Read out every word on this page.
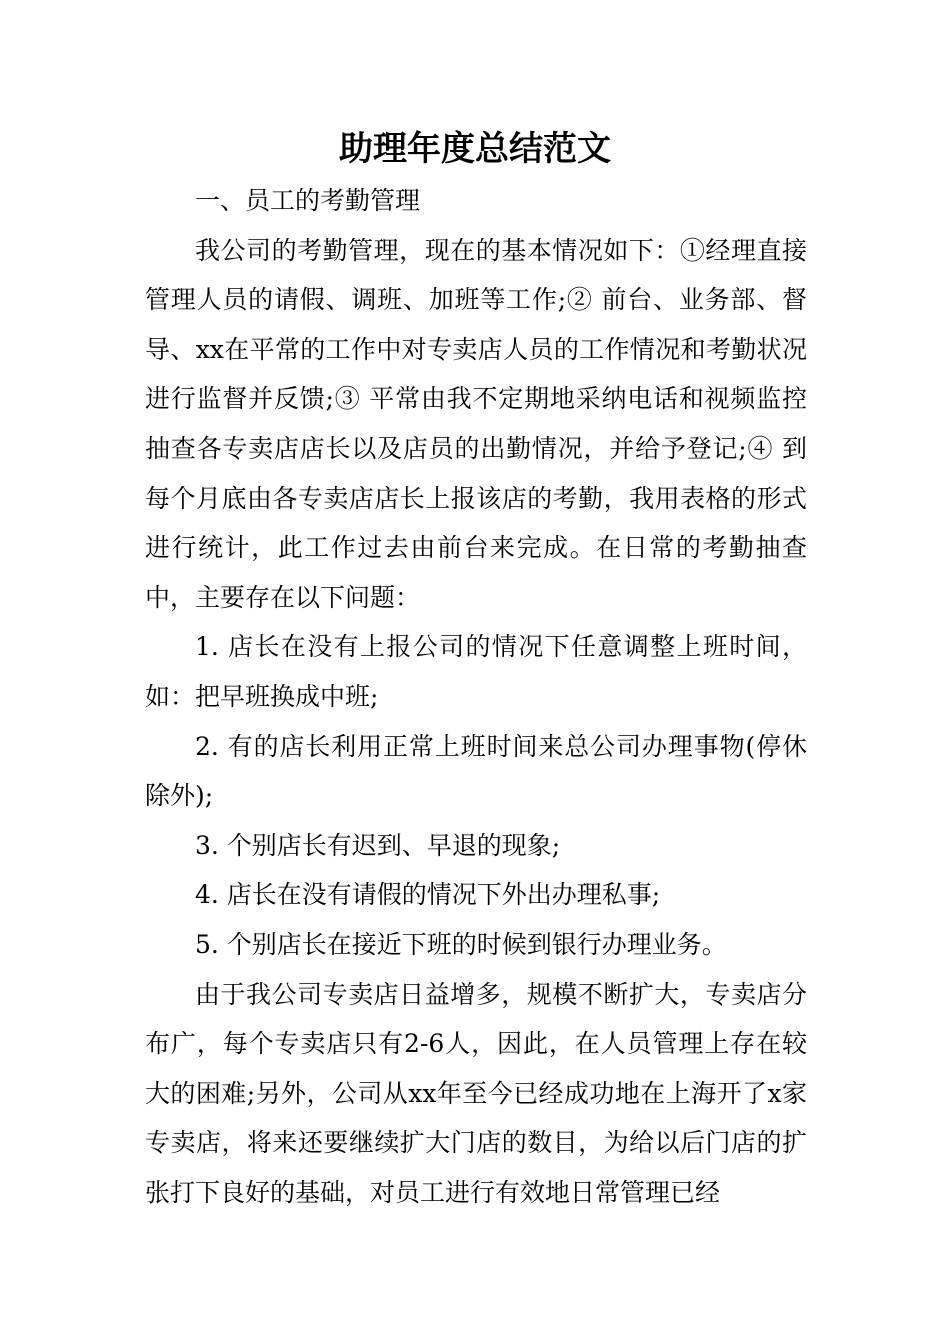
助理年度总结范文

一、员工的考勤管理

我公司的考勤管理，现在的基本情况如下：①经理直接管理人员的请假、调班、加班等工作;② 前台、业务部、督导、xx在平常的工作中对专卖店人员的工作情况和考勤状况进行监督并反馈;③ 平常由我不定期地采纳电话和视频监控抽查各专卖店店长以及店员的出勤情况，并给予登记;④ 到每个月底由各专卖店店长上报该店的考勤，我用表格的形式进行统计，此工作过去由前台来完成。在日常的考勤抽查中，主要存在以下问题：

1. 店长在没有上报公司的情况下任意调整上班时间，如：把早班换成中班;

2. 有的店长利用正常上班时间来总公司办理事物(停休除外);

3. 个别店长有迟到、早退的现象;

4. 店长在没有请假的情况下外出办理私事;

5. 个别店长在接近下班的时候到银行办理业务。

由于我公司专卖店日益增多，规模不断扩大，专卖店分布广，每个专卖店只有2-6人，因此，在人员管理上存在较大的困难;另外，公司从xx年至今已经成功地在上海开了x家专卖店，将来还要继续扩大门店的数目，为给以后门店的扩张打下良好的基础，对员工进行有效地日常管理已经
